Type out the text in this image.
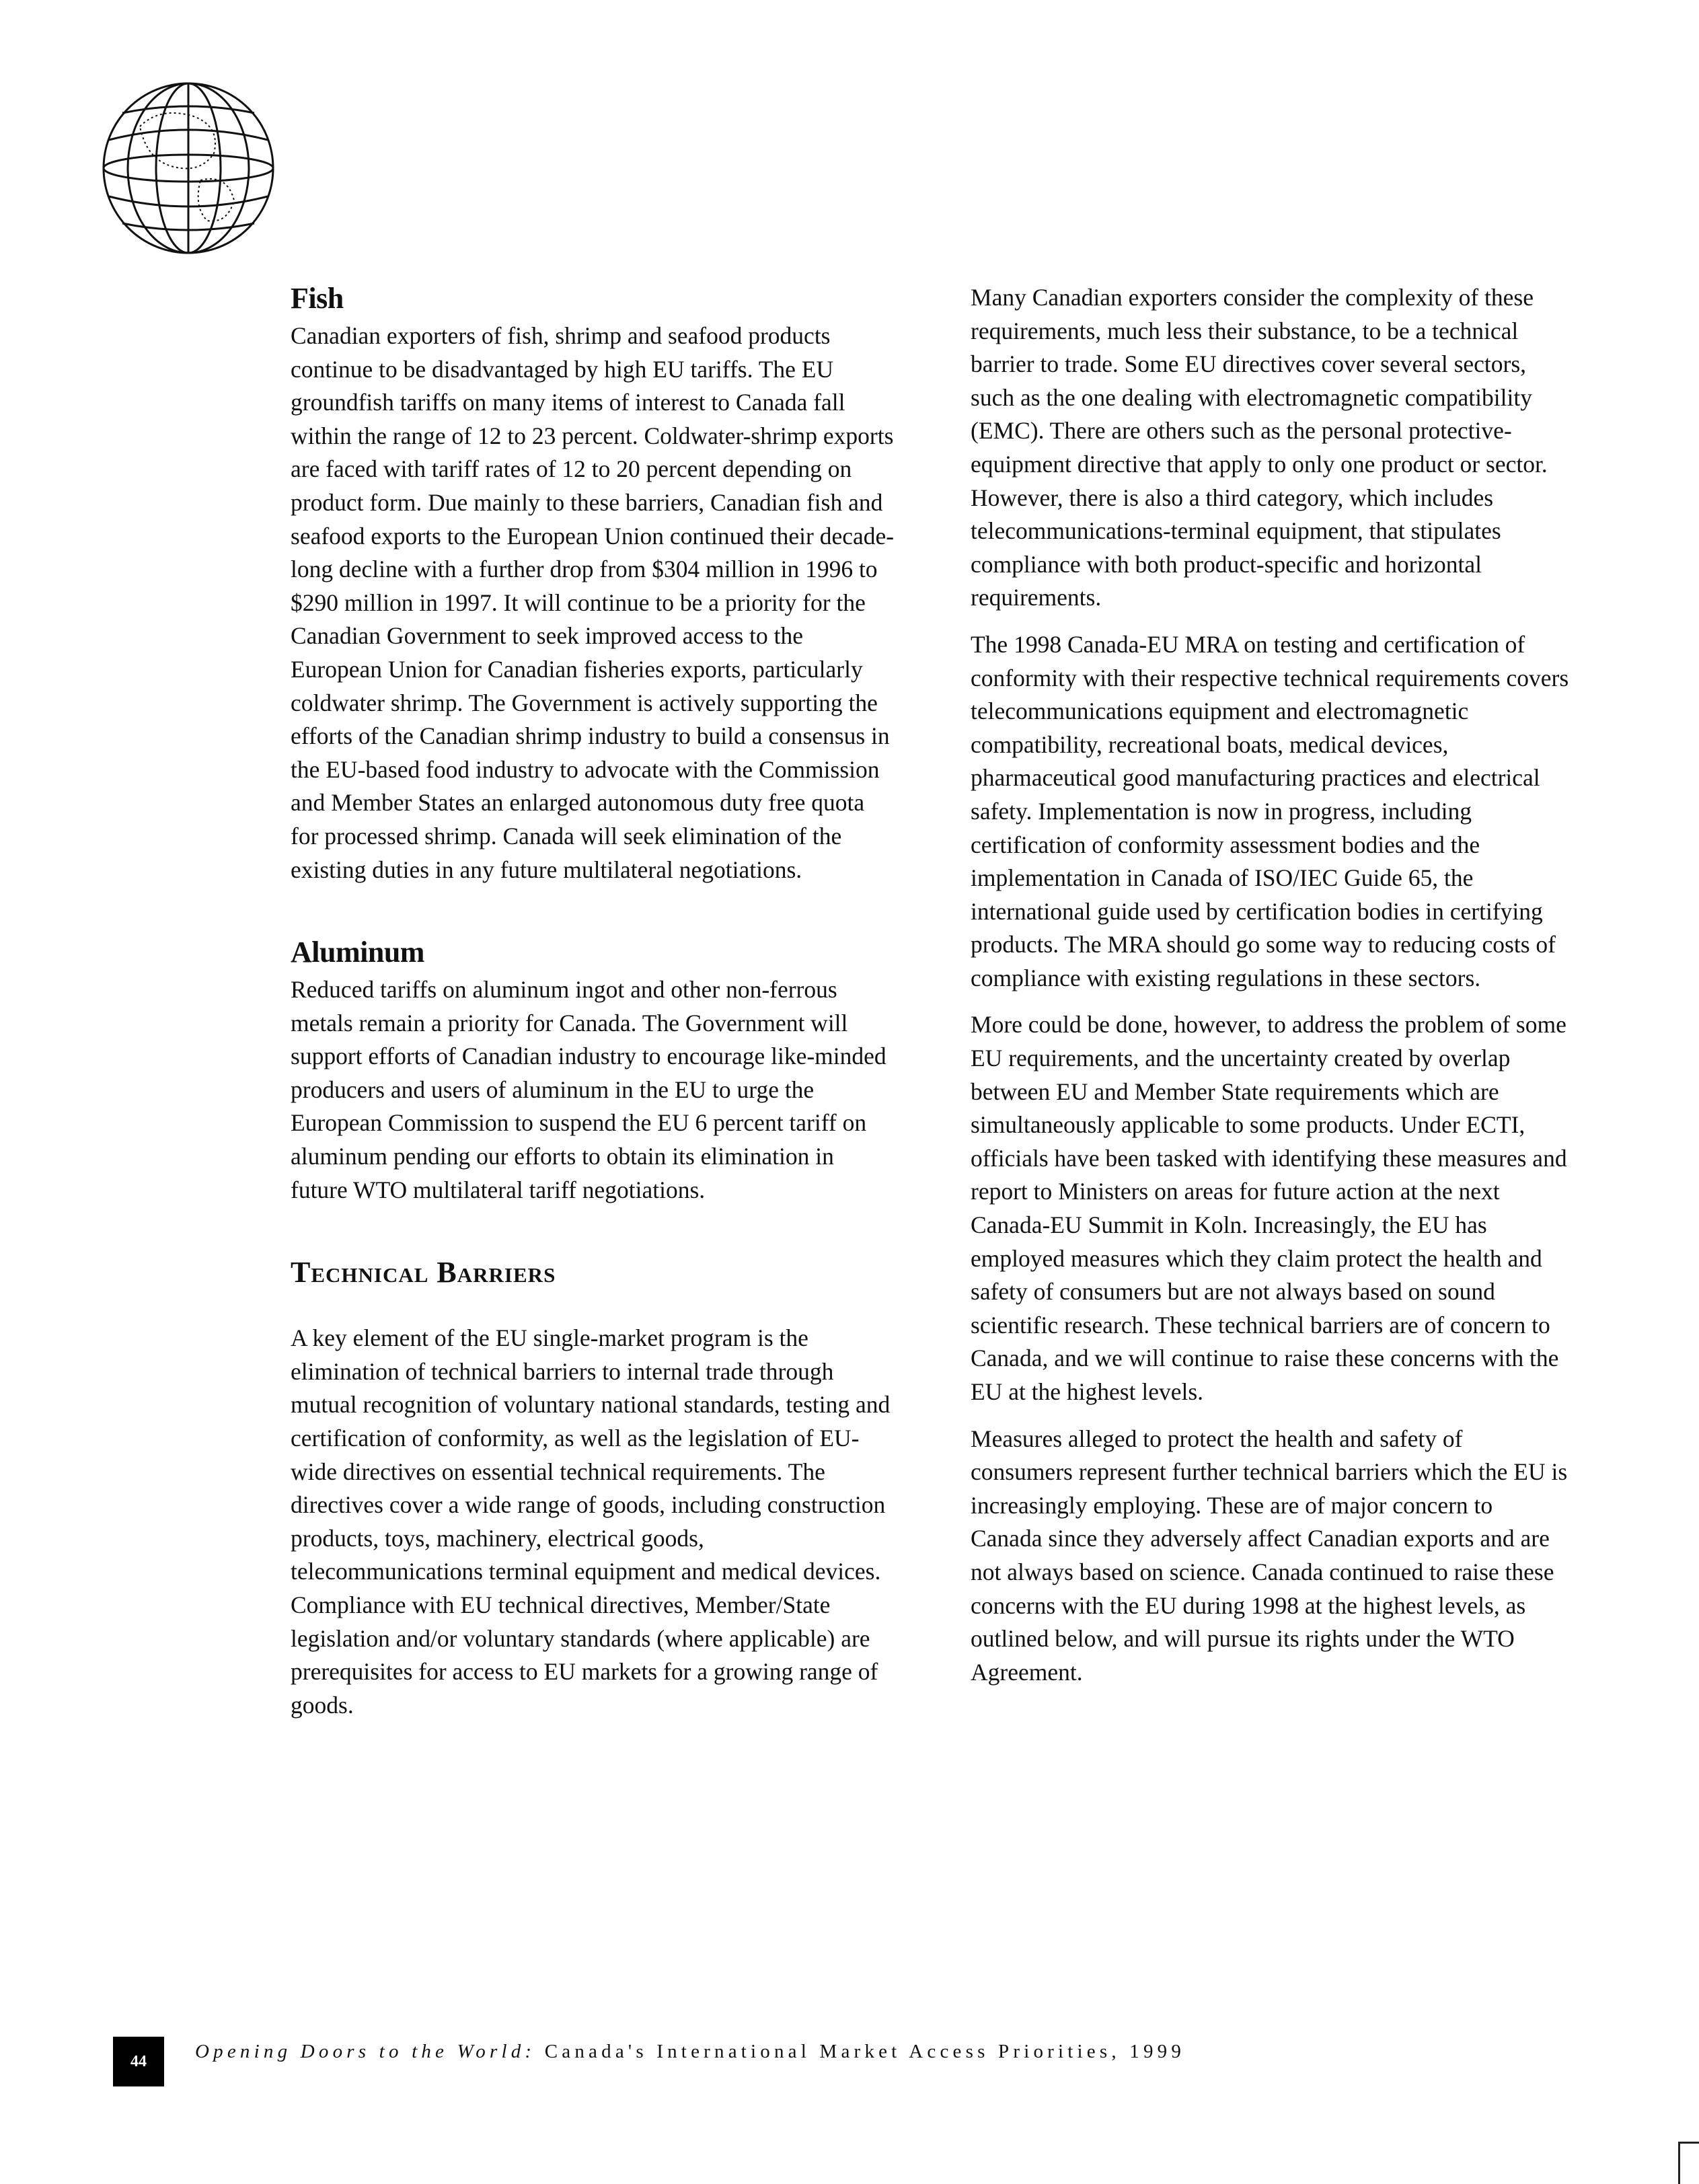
Fish

Canadian exporters of fish, shrimp and seafood products continue to be disadvantaged by high EU tariffs. The EU groundfish tariffs on many items of interest to Canada fall within the range of 12 to 23 percent. Coldwater-shrimp exports are faced with tariff rates of 12 to 20 percent depending on product form. Due mainly to these barriers, Canadian fish and seafood exports to the European Union continued their decade-long decline with a further drop from $304 million in 1996 to $290 million in 1997. It will continue to be a priority for the Canadian Government to seek improved access to the European Union for Canadian fisheries exports, particularly coldwater shrimp. The Government is actively supporting the efforts of the Canadian shrimp industry to build a consensus in the EU-based food industry to advocate with the Commission and Member States an enlarged autonomous duty free quota for processed shrimp. Canada will seek elimination of the existing duties in any future multilateral negotiations.

Aluminum

Reduced tariffs on aluminum ingot and other non-ferrous metals remain a priority for Canada. The Government will support efforts of Canadian industry to encourage like-minded producers and users of aluminum in the EU to urge the European Commission to suspend the EU 6 percent tariff on aluminum pending our efforts to obtain its elimination in future WTO multilateral tariff negotiations.

Technical Barriers

A key element of the EU single-market program is the elimination of technical barriers to internal trade through mutual recognition of voluntary national standards, testing and certification of conformity, as well as the legislation of EU-wide directives on essential technical requirements. The directives cover a wide range of goods, including construction products, toys, machinery, electrical goods, telecommunications terminal equipment and medical devices. Compliance with EU technical directives, Member/State legislation and/or voluntary standards (where applicable) are prerequisites for access to EU markets for a growing range of goods.

Many Canadian exporters consider the complexity of these requirements, much less their substance, to be a technical barrier to trade. Some EU directives cover several sectors, such as the one dealing with electromagnetic compatibility (EMC). There are others such as the personal protective-equipment directive that apply to only one product or sector. However, there is also a third category, which includes telecommunications-terminal equipment, that stipulates compliance with both product-specific and horizontal requirements.

The 1998 Canada-EU MRA on testing and certification of conformity with their respective technical requirements covers telecommunications equipment and electromagnetic compatibility, recreational boats, medical devices, pharmaceutical good manufacturing practices and electrical safety. Implementation is now in progress, including certification of conformity assessment bodies and the implementation in Canada of ISO/IEC Guide 65, the international guide used by certification bodies in certifying products. The MRA should go some way to reducing costs of compliance with existing regulations in these sectors.

More could be done, however, to address the problem of some EU requirements, and the uncertainty created by overlap between EU and Member State requirements which are simultaneously applicable to some products. Under ECTI, officials have been tasked with identifying these measures and report to Ministers on areas for future action at the next Canada-EU Summit in Koln. Increasingly, the EU has employed measures which they claim protect the health and safety of consumers but are not always based on sound scientific research. These technical barriers are of concern to Canada, and we will continue to raise these concerns with the EU at the highest levels.

Measures alleged to protect the health and safety of consumers represent further technical barriers which the EU is increasingly employing. These are of major concern to Canada since they adversely affect Canadian exports and are not always based on science. Canada continued to raise these concerns with the EU during 1998 at the highest levels, as outlined below, and will pursue its rights under the WTO Agreement.

44	Opening Doors to the World: Canada's International Market Access Priorities, 1999
